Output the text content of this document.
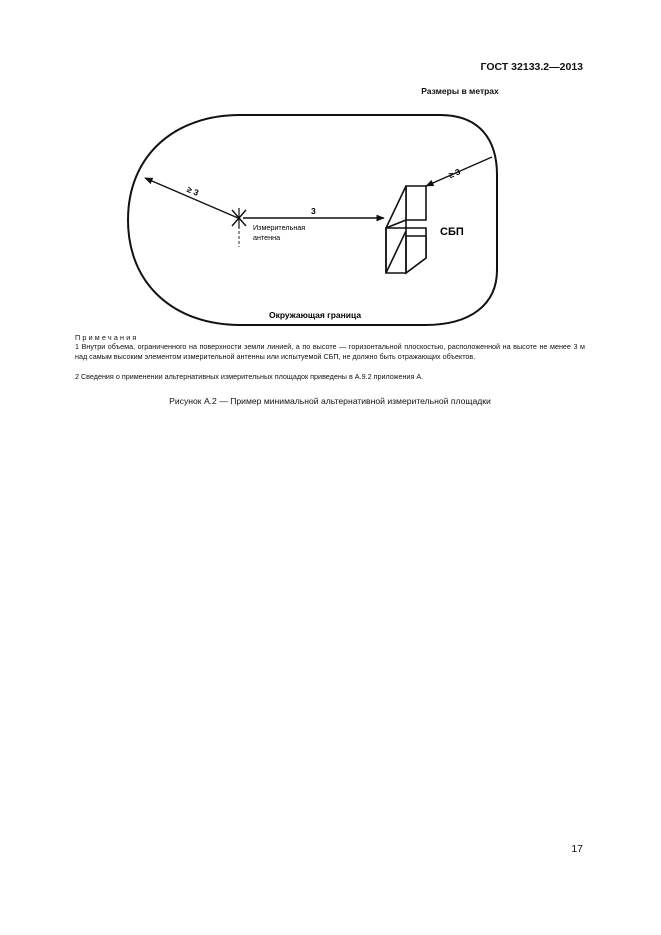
ГОСТ 32133.2—2013
Размеры в метрах
≥ 3
3
≥ 3
Измерительная
антенна	СБП
Окружающая граница
Примечания
1 Внутри объема, ограниченного на поверхности земли линией, а по высоте — горизонтальной плоскостью, расположенной на высоте не менее 3 м над самым высоким элементом измерительной антенны или испытуемой СБП, не должно быть отражающих объектов.
2 Сведения о применении альтернативных измерительных площадок приведены в А.9.2 приложения А.
Рисунок А.2 — Пример минимальной альтернативной измерительной площадки
17
